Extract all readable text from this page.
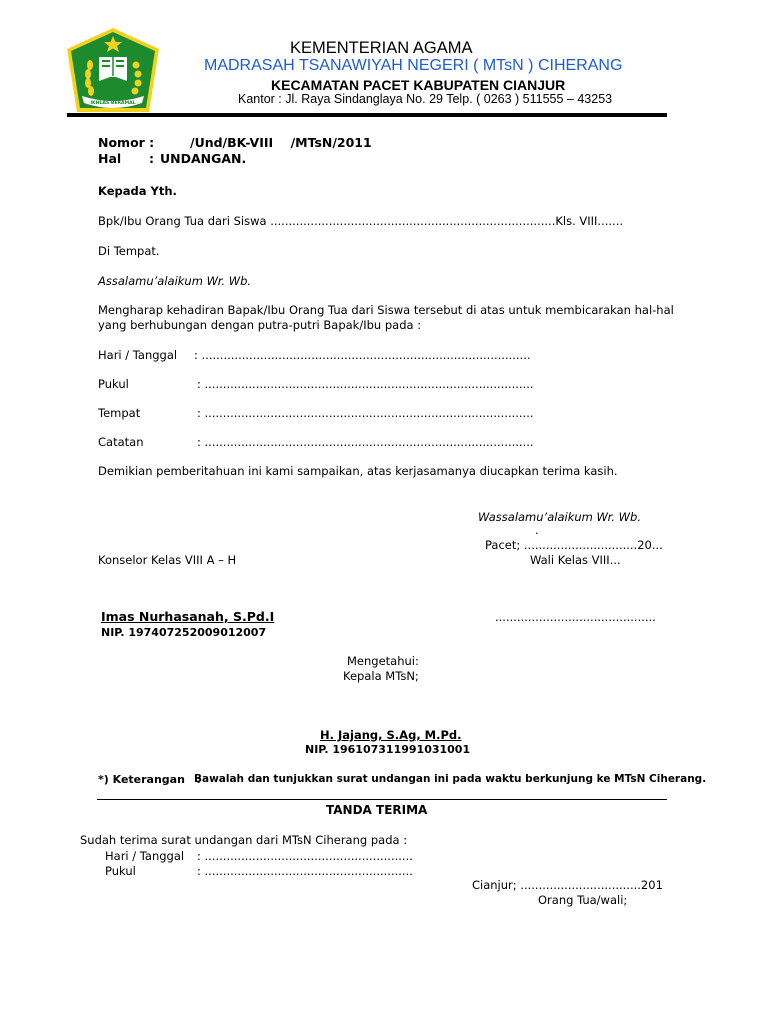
IKHLAS BERAMAL
KEMENTERIAN AGAMA
MADRASAH TSANAWIYAH NEGERI ( MTsN ) CIHERANG
KECAMATAN PACET KABUPATEN CIANJUR
Kantor : Jl. Raya Sindanglaya No. 29 Telp. ( 0263 ) 511555 – 43253
Nomor :	/Und/BK-VIII    /MTsN/2011
Hal : UNDANGAN.
Kepada Yth.
Bpk/Ibu Orang Tua dari Siswa ..............................................................................Kls. VIII.......
Di Tempat.
Assalamu’alaikum Wr. Wb.
Mengharap kehadiran Bapak/Ibu Orang Tua dari Siswa tersebut di atas untuk membicarakan hal-hal
yang berhubungan dengan putra-putri Bapak/Ibu pada :
Hari / Tanggal : ..........................................................................................
Pukul	: ..........................................................................................
Tempat	: ..........................................................................................
Catatan	: ..........................................................................................
Demikian pemberitahuan ini kami sampaikan, atas kerjasamanya diucapkan terima kasih.
Wassalamu’alaikum Wr. Wb.
.
Pacet; ...............................20...
Konselor Kelas VIII A – H	Wali Kelas VIII...
Imas Nurhasanah, S.Pd.I	............................................
NIP. 197407252009012007
Mengetahui:
Kepala MTsN;
H. Jajang, S.Ag, M.Pd.
NIP. 196107311991031001
*) Keterangan   :
Bawalah dan tunjukkan surat undangan ini pada waktu berkunjung ke MTsN Ciherang.
TANDA TERIMA
Sudah terima surat undangan dari MTsN Ciherang pada :
Hari / Tanggal : .........................................................
Pukul	: .........................................................
Cianjur; .................................201
Orang Tua/wali;
